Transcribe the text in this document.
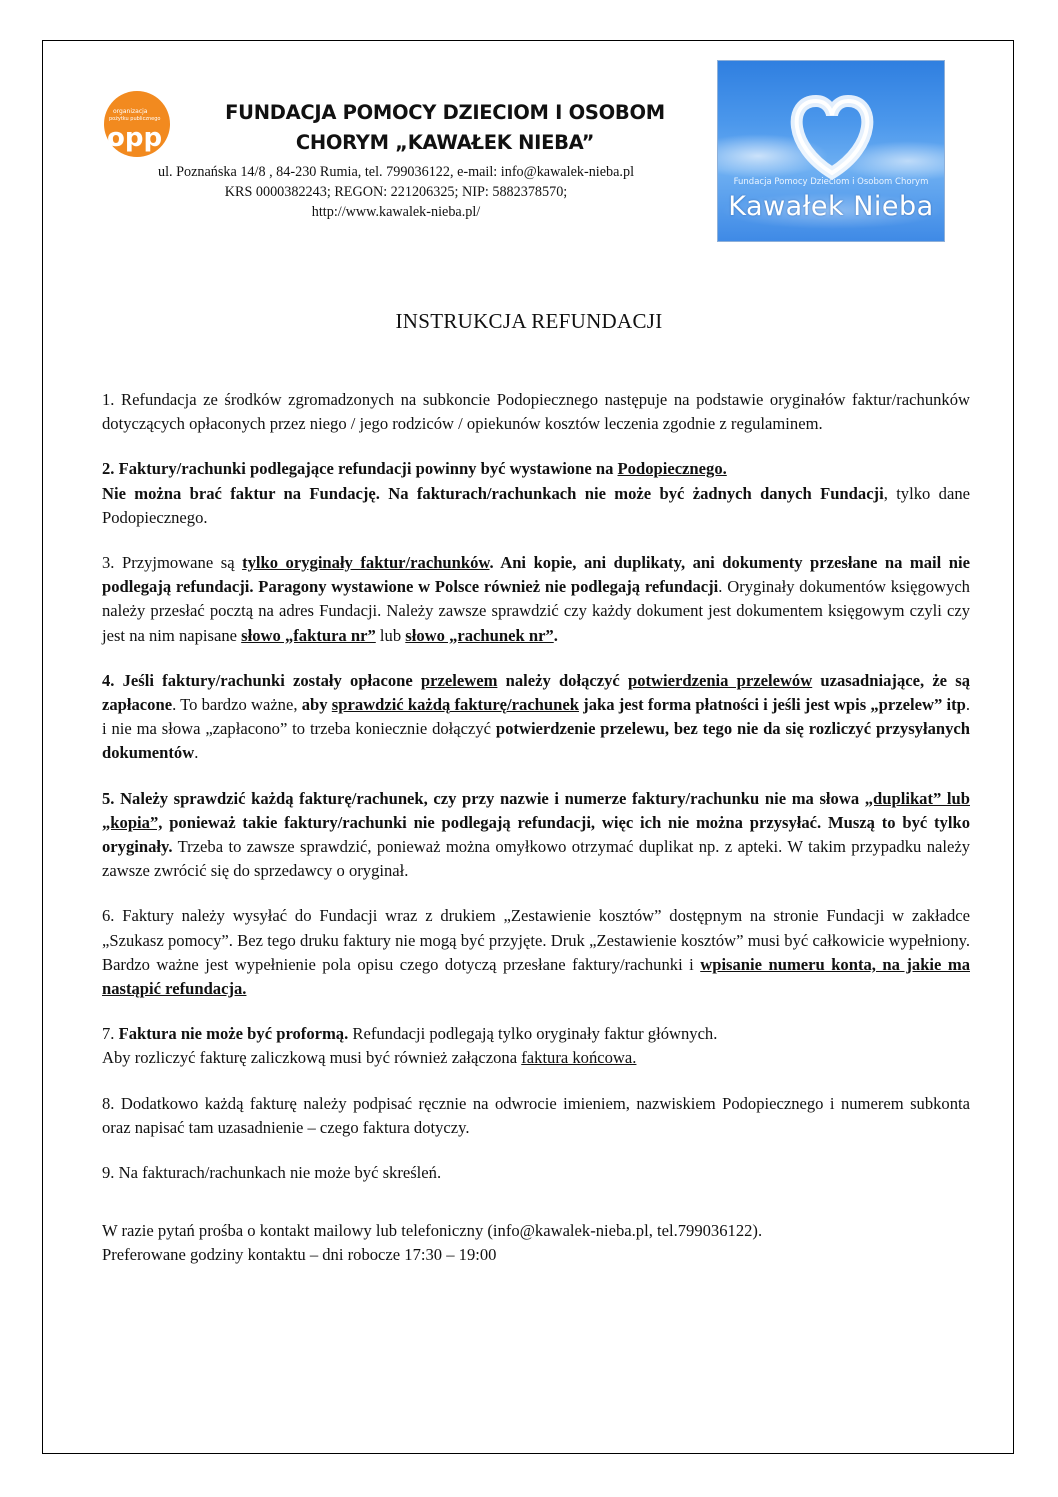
organizacja
pożytku publicznego
opp
FUNDACJA POMOCY DZIECIOM I OSOBOM
CHORYM „KAWAŁEK NIEBA”
ul. Poznańska 14/8 , 84-230 Rumia, tel. 799036122, e-mail: info@kawalek-nieba.pl
KRS 0000382243; REGON: 221206325; NIP: 5882378570;
http://www.kawalek-nieba.pl/
Fundacja Pomocy Dzieciom i Osobom Chorym
Kawałek Nieba
INSTRUKCJA REFUNDACJI

1. Refundacja ze środków zgromadzonych na subkoncie Podopiecznego następuje na podstawie oryginałów faktur/rachunków dotyczących opłaconych przez niego / jego rodziców / opiekunów kosztów leczenia zgodnie z regulaminem.

2. Faktury/rachunki podlegające refundacji powinny być wystawione na Podopiecznego.
Nie można brać faktur na Fundację. Na fakturach/rachunkach nie może być żadnych danych Fundacji, tylko dane Podopiecznego.

3. Przyjmowane są tylko oryginały faktur/rachunków. Ani kopie, ani duplikaty, ani dokumenty przesłane na mail nie podlegają refundacji. Paragony wystawione w Polsce również nie podlegają refundacji. Oryginały dokumentów księgowych należy przesłać pocztą na adres Fundacji. Należy zawsze sprawdzić czy każdy dokument jest dokumentem księgowym czyli czy jest na nim napisane słowo „faktura nr” lub słowo „rachunek nr”.

4. Jeśli faktury/rachunki zostały opłacone przelewem należy dołączyć potwierdzenia przelewów uzasadniające, że są zapłacone. To bardzo ważne, aby sprawdzić każdą fakturę/rachunek jaka jest forma płatności i jeśli jest wpis „przelew” itp. i nie ma słowa „zapłacono” to trzeba koniecznie dołączyć potwierdzenie przelewu, bez tego nie da się rozliczyć przysyłanych dokumentów.

5. Należy sprawdzić każdą fakturę/rachunek, czy przy nazwie i numerze faktury/rachunku nie ma słowa „duplikat” lub „kopia”, ponieważ takie faktury/rachunki nie podlegają refundacji, więc ich nie można przysyłać. Muszą to być tylko oryginały. Trzeba to zawsze sprawdzić, ponieważ można omyłkowo otrzymać duplikat np. z apteki. W takim przypadku należy zawsze zwrócić się do sprzedawcy o oryginał.

6. Faktury należy wysyłać do Fundacji wraz z drukiem „Zestawienie kosztów” dostępnym na stronie Fundacji w zakładce „Szukasz pomocy”. Bez tego druku faktury nie mogą być przyjęte. Druk „Zestawienie kosztów” musi być całkowicie wypełniony. Bardzo ważne jest wypełnienie pola opisu czego dotyczą przesłane faktury/rachunki i wpisanie numeru konta, na jakie ma nastąpić refundacja.

7. Faktura nie może być proformą. Refundacji podlegają tylko oryginały faktur głównych.
Aby rozliczyć fakturę zaliczkową musi być również załączona faktura końcowa.

8. Dodatkowo każdą fakturę należy podpisać ręcznie na odwrocie imieniem, nazwiskiem Podopiecznego i numerem subkonta oraz napisać tam uzasadnienie – czego faktura dotyczy.

9. Na fakturach/rachunkach nie może być skreśleń.

W razie pytań prośba o kontakt mailowy lub telefoniczny (info@kawalek-nieba.pl, tel.799036122).
Preferowane godziny kontaktu – dni robocze 17:30 – 19:00
